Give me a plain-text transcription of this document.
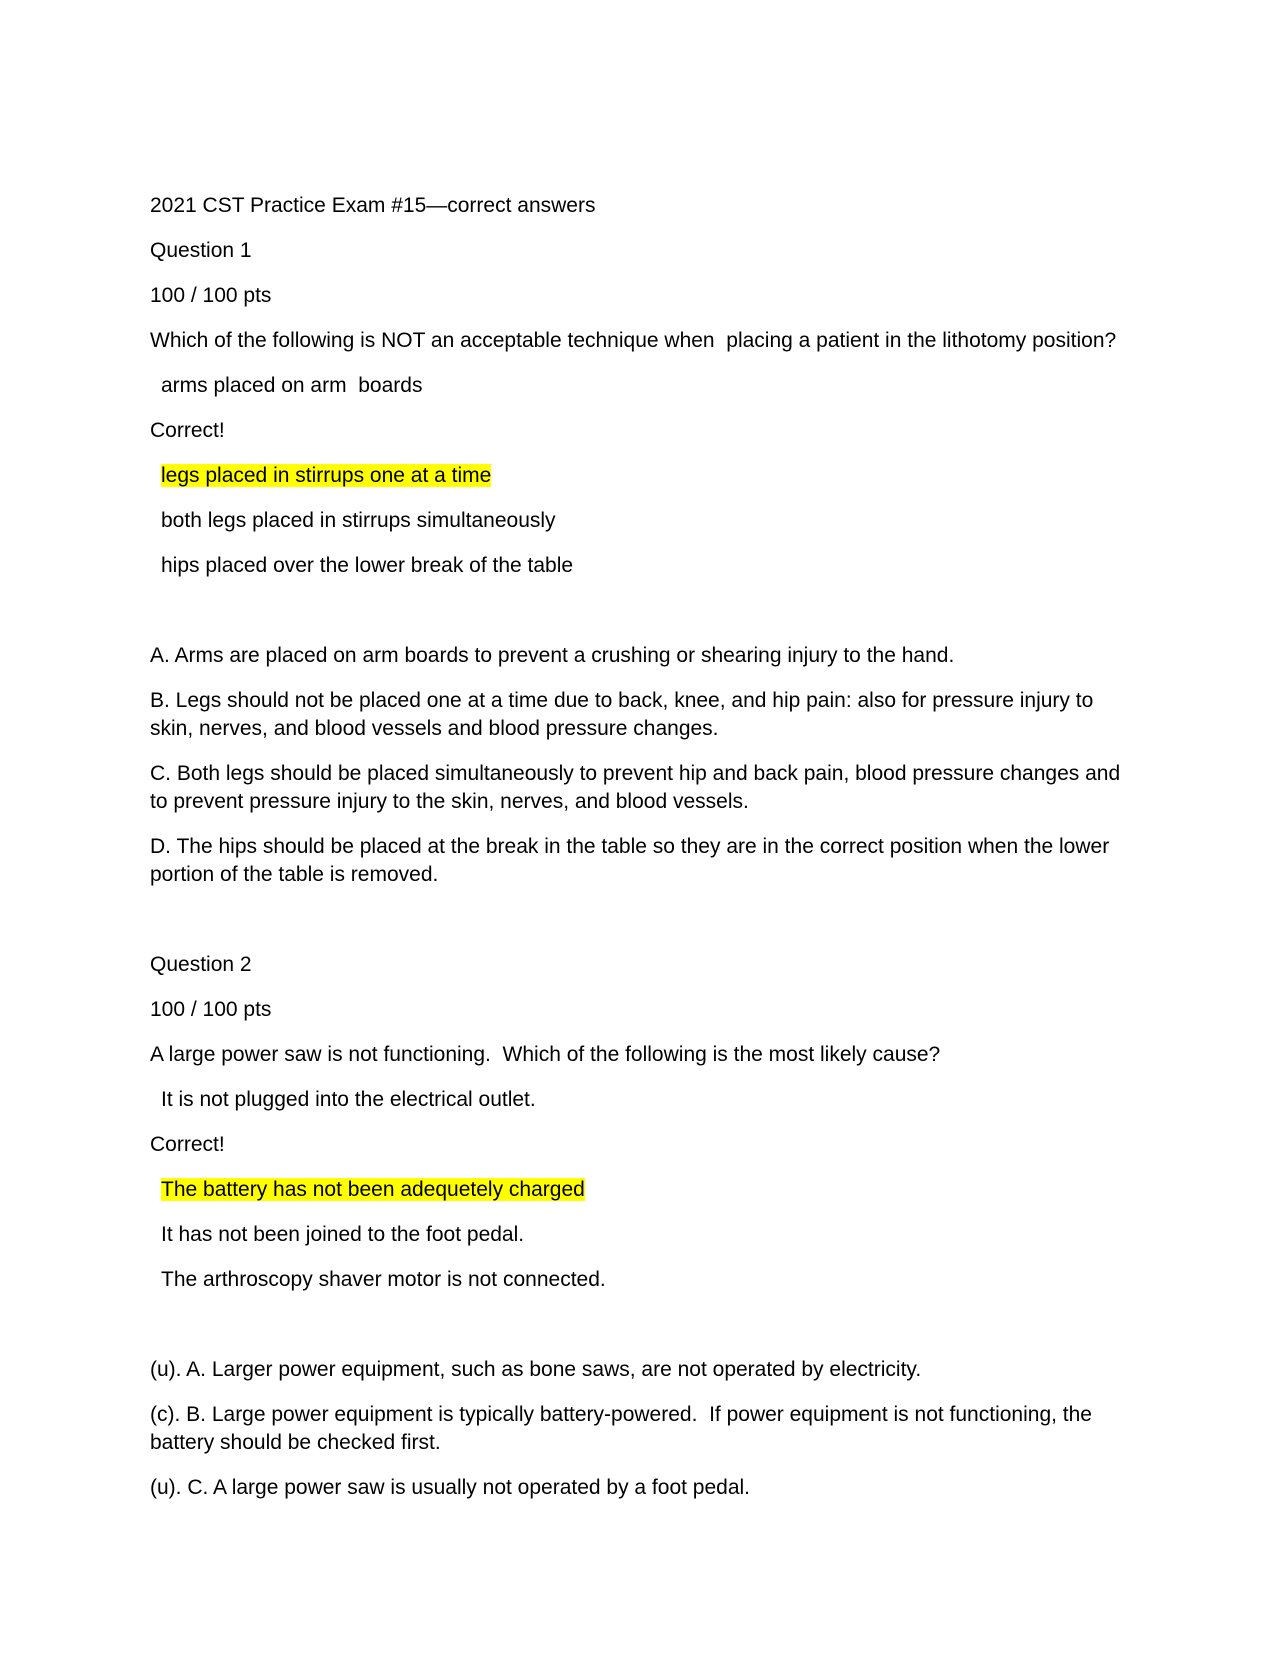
2021 CST Practice Exam #15—correct answers

Question 1

100 / 100 pts

Which of the following is NOT an acceptable technique when  placing a patient in the lithotomy position?

arms placed on arm  boards

Correct!

legs placed in stirrups one at a time

both legs placed in stirrups simultaneously

hips placed over the lower break of the table

A. Arms are placed on arm boards to prevent a crushing or shearing injury to the hand.

B. Legs should not be placed one at a time due to back, knee, and hip pain: also for pressure injury to skin, nerves, and blood vessels and blood pressure changes.

C. Both legs should be placed simultaneously to prevent hip and back pain, blood pressure changes and to prevent pressure injury to the skin, nerves, and blood vessels.

D. The hips should be placed at the break in the table so they are in the correct position when the lower portion of the table is removed.

Question 2

100 / 100 pts

A large power saw is not functioning.  Which of the following is the most likely cause?

It is not plugged into the electrical outlet.

Correct!

The battery has not been adequetely charged

It has not been joined to the foot pedal.

The arthroscopy shaver motor is not connected.

(u). A. Larger power equipment, such as bone saws, are not operated by electricity.

(c). B. Large power equipment is typically battery-powered.  If power equipment is not functioning, the battery should be checked first.

(u). C. A large power saw is usually not operated by a foot pedal.
